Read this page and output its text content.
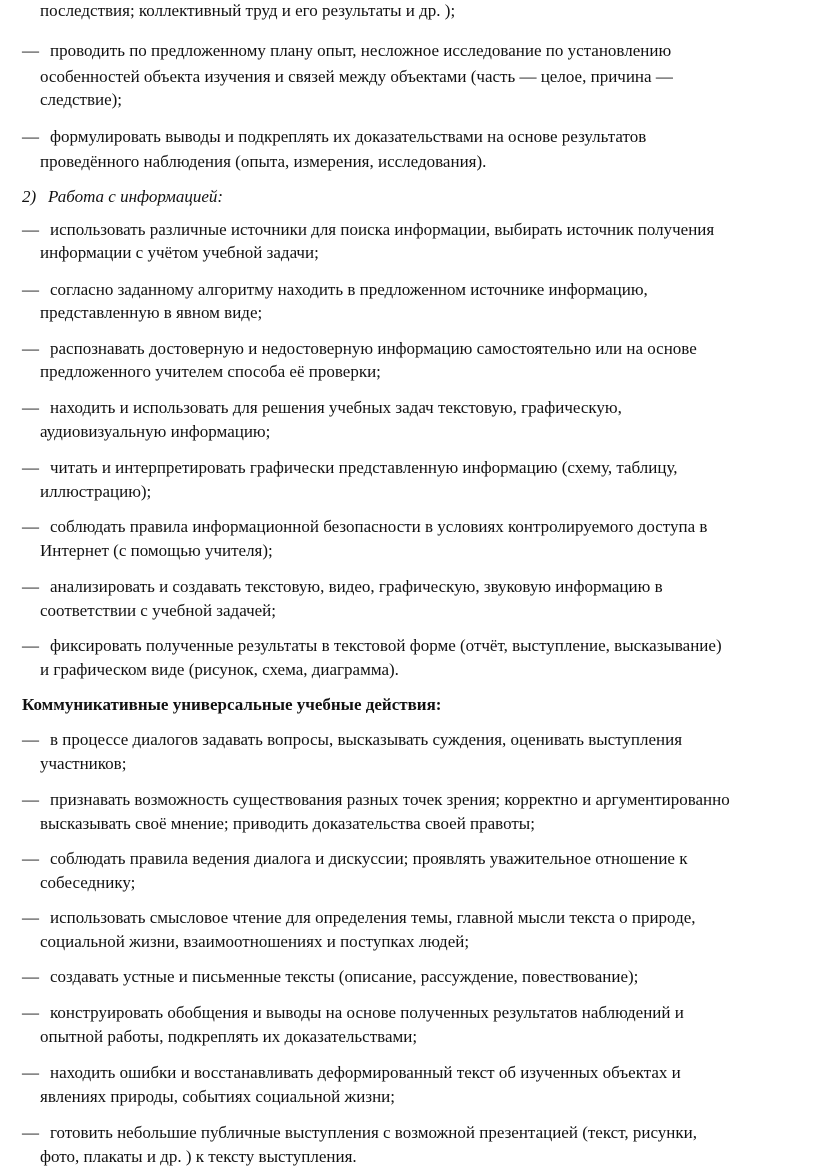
последствия; коллективный труд и его результаты и др. );
— проводить по предложенному плану опыт, несложное исследование по установлению
особенностей объекта изучения и связей между объектами (часть — целое, причина —
следствие);
— формулировать выводы и подкреплять их доказательствами на основе результатов
проведённого наблюдения (опыта, измерения, исследования).
2) Работа с информацией:
— использовать различные источники для поиска информации, выбирать источник получения
информации с учётом учебной задачи;
— согласно заданному алгоритму находить в предложенном источнике информацию,
представленную в явном виде;
— распознавать достоверную и недостоверную информацию самостоятельно или на основе
предложенного учителем способа её проверки;
— находить и использовать для решения учебных задач текстовую, графическую,
аудиовизуальную информацию;
— читать и интерпретировать графически представленную информацию (схему, таблицу,
иллюстрацию);
— соблюдать правила информационной безопасности в условиях контролируемого доступа в
Интернет (с помощью учителя);
— анализировать и создавать текстовую, видео, графическую, звуковую информацию в
соответствии с учебной задачей;
— фиксировать полученные результаты в текстовой форме (отчёт, выступление, высказывание)
и графическом виде (рисунок, схема, диаграмма).
Коммуникативные универсальные учебные действия:
— в процессе диалогов задавать вопросы, высказывать суждения, оценивать выступления
участников;
— признавать возможность существования разных точек зрения; корректно и аргументированно
высказывать своё мнение; приводить доказательства своей правоты;
— соблюдать правила ведения диалога и дискуссии; проявлять уважительное отношение к
собеседнику;
— использовать смысловое чтение для определения темы, главной мысли текста о природе,
социальной жизни, взаимоотношениях и поступках людей;
— создавать устные и письменные тексты (описание, рассуждение, повествование);
— конструировать обобщения и выводы на основе полученных результатов наблюдений и
опытной работы, подкреплять их доказательствами;
— находить ошибки и восстанавливать деформированный текст об изученных объектах и
явлениях природы, событиях социальной жизни;
— готовить небольшие публичные выступления с возможной презентацией (текст, рисунки,
фото, плакаты и др. ) к тексту выступления.
